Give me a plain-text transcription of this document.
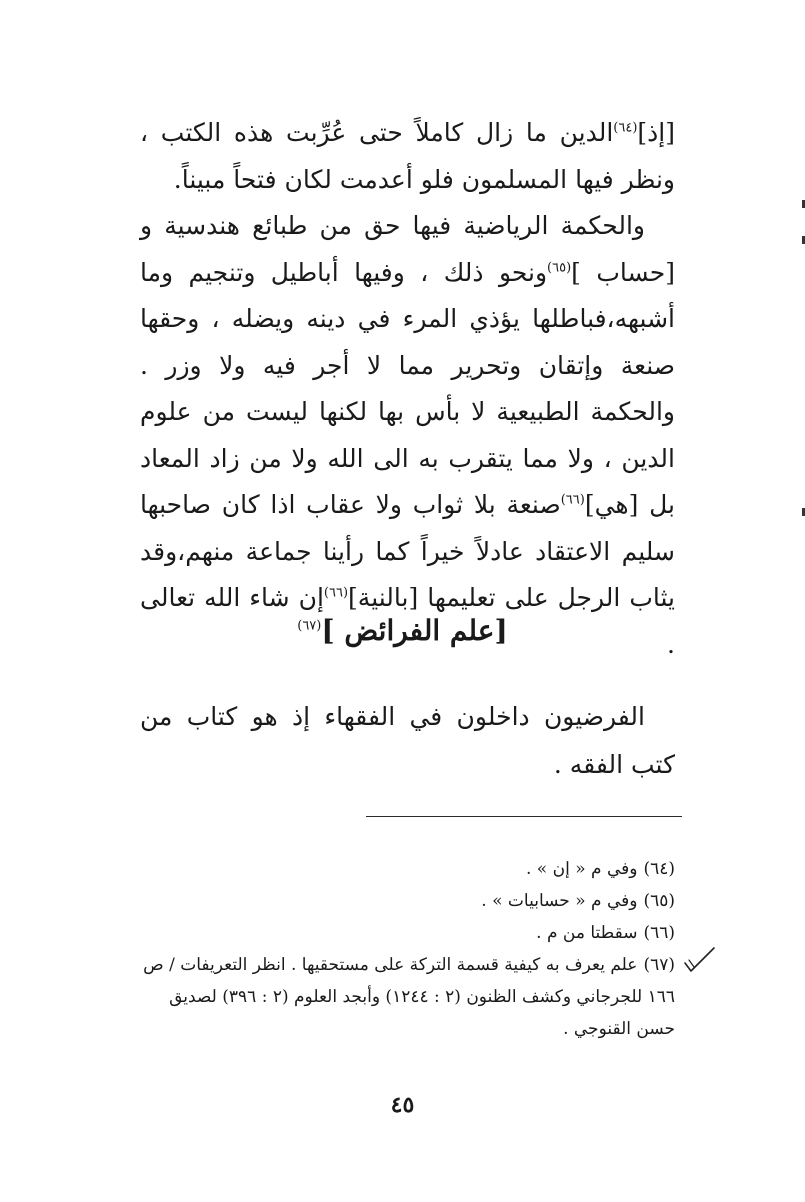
[إذ]$^{(٦٤)}$الدين ما زال كاملاً حتى عُرِّبت هذه الكتب ، ونظر فيها المسلمون فلو أعدمت لكان فتحاً مبيناً.

والحكمة الرياضية فيها حق من طبائع هندسية و [حساب ]$^{(٦٥)}$ونحو ذلك ، وفيها أباطيل وتنجيم وما أشبهه،فباطلها يؤذي المرء في دينه ويضله ، وحقها صنعة وإتقان وتحرير مما لا أجر فيه ولا وزر . والحكمة الطبيعية لا بأس بها لكنها ليست من علوم الدين ، ولا مما يتقرب به الى الله ولا من زاد المعاد بل [هي]$^{(٦٦)}$صنعة بلا ثواب ولا عقاب اذا كان صاحبها سليم الاعتقاد عادلاً خيراً كما رأينا جماعة منهم،وقد يثاب الرجل على تعليمها [بالنية]$^{(٦٦)}$إن شاء الله تعالى .

[علم الفرائض ]$^{(٦٧)}$

الفرضيون داخلون في الفقهاء إذ هو كتاب من كتب الفقه .

(٦٤)وفي م « إن » .

(٦٥)وفي م « حسابيات » .

(٦٦)سقطتا من م .

(٦٧)علم يعرف به كيفية قسمة التركة على مستحقيها . انظر التعريفات / ص ١٦٦ للجرجاني وكشف الظنون (٢ : ١٢٤٤) وأبجد العلوم (٢ : ٣٩٦) لصديق حسن القنوجي .

٤٥
